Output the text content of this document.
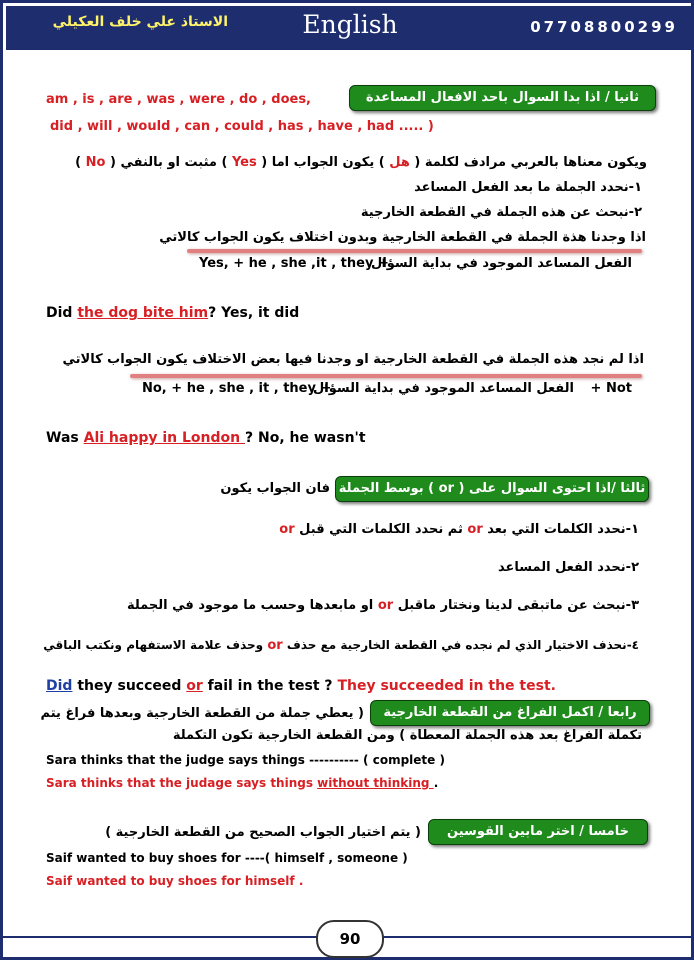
الاستاذ علي خلف العكيلي	English	07708800299
ثانيا / اذا بدا السوال باحد الافعال المساعدة
am , is , are , was , were , do , does,
did , will , would , can , could , has , have , had ..... )
ويكون معناها بالعربي مرادف لكلمة ( هل ) يكون الجواب اما ( Yes ) مثبت او بالنفي ( No )
١-نحدد الجملة ما بعد الفعل المساعد
٢-نبحث عن هذه الجملة في القطعة الخارجية
اذا وجدنا هذة الجملة في القطعة الخارجية وبدون اختلاف يكون الجواب كالاتي
Yes, + he , she ,it , they +
الفعل المساعد الموجود في بداية السؤال
Did the dog bite him? Yes, it did
اذا لم نجد هذه الجملة في القطعة الخارجية او وجدنا فيها بعض الاختلاف يكون الجواب كالاتي
No, + he , she , it , they +
الفعل المساعد الموجود في بداية السؤال + Not
Was Ali happy in London ? No, he wasn't
ثالثا /اذا احتوى السوال على ( or ) بوسط الجملة
فان الجواب يكون
١-نحدد الكلمات التي بعد or ثم نحدد الكلمات التي قبل or
٢-نحدد الفعل المساعد
٣-نبحث عن ماتبقى لدينا ونختار ماقبل or او مابعدها وحسب ما موجود في الجملة
٤-نحذف الاختيار الذي لم نجده في القطعة الخارجية مع حذف or وحذف علامة الاستفهام ونكتب الباقي
Did they succeed or fail in the test ? They succeeded in the test.
رابعا / اكمل الفراغ من القطعة الخارجية
( يعطي جملة من القطعة الخارجية وبعدها فراغ يتم
تكملة الفراغ بعد هذه الجملة المعطاة ) ومن القطعة الخارجية تكون التكملة
Sara thinks that the judge says things ---------- ( complete )
Sara thinks that the judage says things without thinking .
خامسا / اختر مابين القوسين
( يتم اختيار الجواب الصحيح من القطعة الخارجية )
Saif wanted to buy shoes for ----( himself , someone )
Saif wanted to buy shoes for himself .
90
